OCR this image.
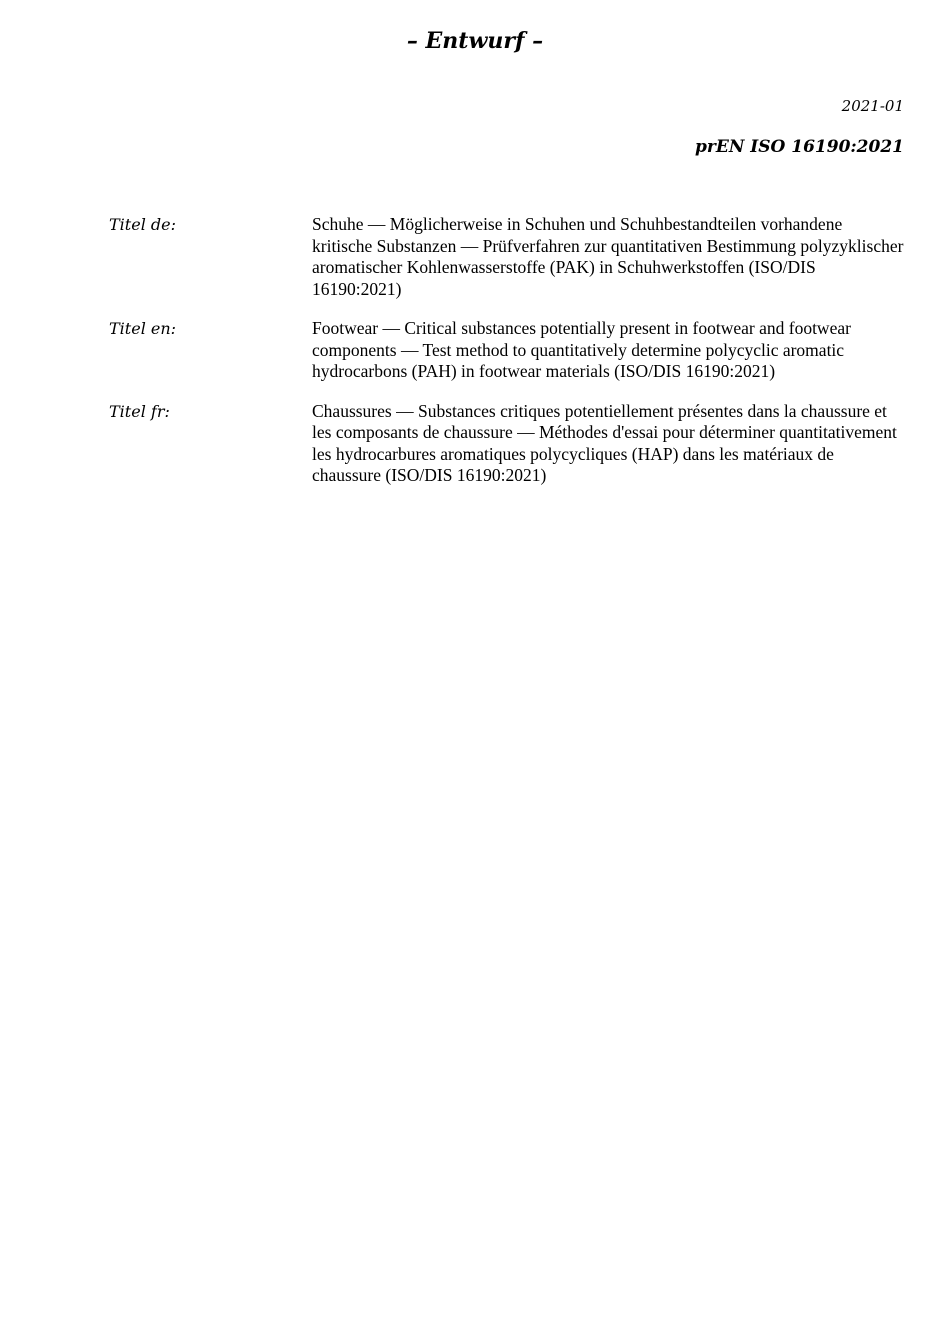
– Entwurf –
2021-01
prEN ISO 16190:2021
Titel de:	Schuhe — Möglicherweise in Schuhen und Schuhbestandteilen vorhandene kritische Substanzen — Prüfverfahren zur quantitativen Bestimmung polyzyklischer aromatischer Kohlenwasserstoffe (PAK) in Schuhwerkstoffen (ISO/DIS 16190:2021)
Titel en:	Footwear — Critical substances potentially present in footwear and footwear components — Test method to quantitatively determine polycyclic aromatic hydrocarbons (PAH) in footwear materials (ISO/DIS 16190:2021)
Titel fr:	Chaussures — Substances critiques potentiellement présentes dans la chaussure et les composants de chaussure — Méthodes d'essai pour déterminer quantitativement les hydrocarbures aromatiques polycycliques (HAP) dans les matériaux de chaussure (ISO/DIS 16190:2021)
